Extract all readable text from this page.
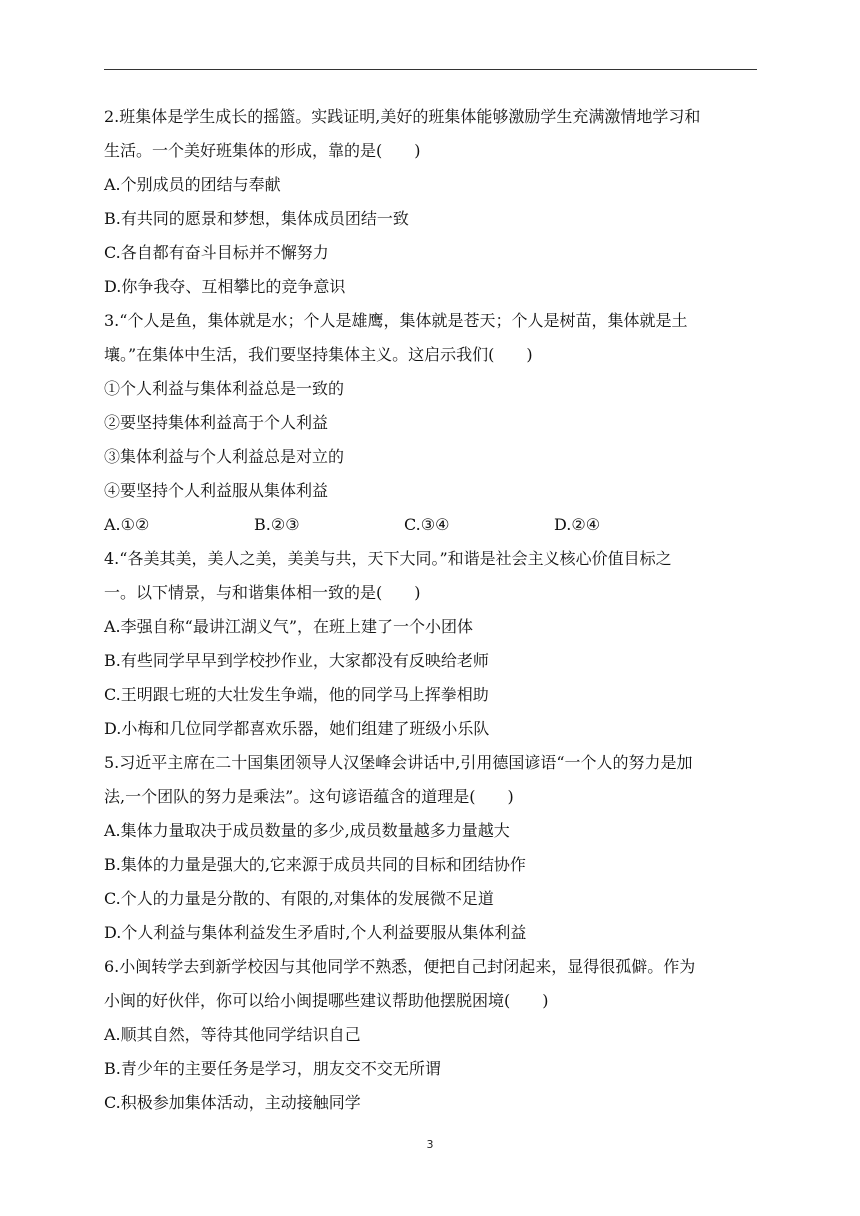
2.班集体是学生成长的摇篮。实践证明,美好的班集体能够激励学生充满激情地学习和
生活。一个美好班集体的形成，靠的是(　　)
A.个别成员的团结与奉献
B.有共同的愿景和梦想，集体成员团结一致
C.各自都有奋斗目标并不懈努力
D.你争我夺、互相攀比的竞争意识
3.“个人是鱼，集体就是水；个人是雄鹰，集体就是苍天；个人是树苗，集体就是土
壤。”在集体中生活，我们要坚持集体主义。这启示我们(　　)
①个人利益与集体利益总是一致的
②要坚持集体利益高于个人利益
③集体利益与个人利益总是对立的
④要坚持个人利益服从集体利益
A.①②	B.②③	C.③④	D.②④
4.“各美其美，美人之美，美美与共，天下大同。”和谐是社会主义核心价值目标之
一。以下情景，与和谐集体相一致的是(　　)
A.李强自称“最讲江湖义气”，在班上建了一个小团体
B.有些同学早早到学校抄作业，大家都没有反映给老师
C.王明跟七班的大壮发生争端，他的同学马上挥拳相助
D.小梅和几位同学都喜欢乐器，她们组建了班级小乐队
5.习近平主席在二十国集团领导人汉堡峰会讲话中,引用德国谚语“一个人的努力是加
法,一个团队的努力是乘法”。这句谚语蕴含的道理是(　　)
A.集体力量取决于成员数量的多少,成员数量越多力量越大
B.集体的力量是强大的,它来源于成员共同的目标和团结协作
C.个人的力量是分散的、有限的,对集体的发展微不足道
D.个人利益与集体利益发生矛盾时,个人利益要服从集体利益
6.小闽转学去到新学校因与其他同学不熟悉，便把自己封闭起来，显得很孤僻。作为
小闽的好伙伴，你可以给小闽提哪些建议帮助他摆脱困境(　　)
A.顺其自然，等待其他同学结识自己
B.青少年的主要任务是学习，朋友交不交无所谓
C.积极参加集体活动，主动接触同学
3
